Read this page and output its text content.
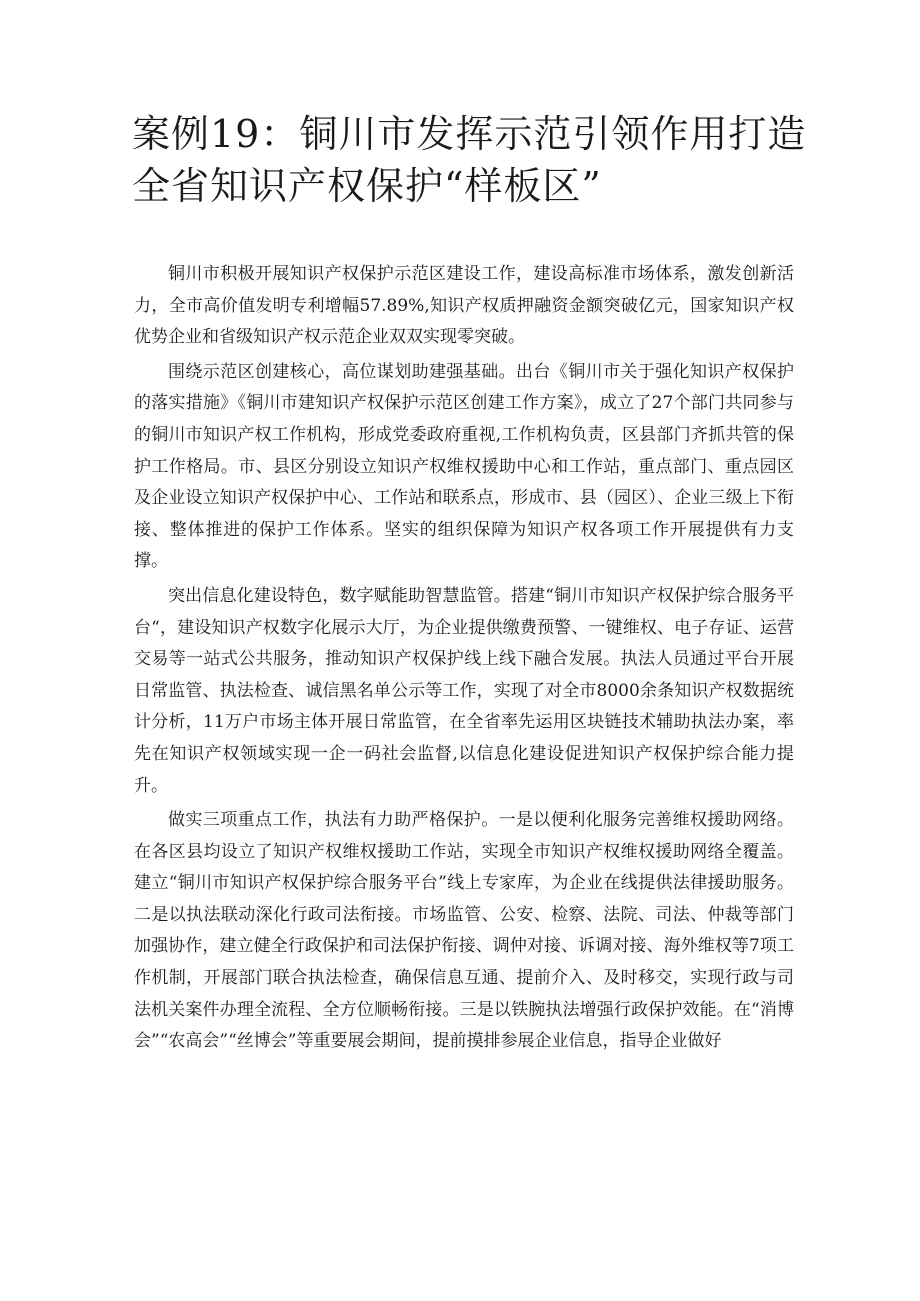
案例19：铜川市发挥示范引领作用打造
全省知识产权保护“样板区”

铜川市积极开展知识产权保护示范区建设工作，建设高标准市场体系，激发创新活力，全市高价值发明专利增幅57.89%,知识产权质押融资金额突破亿元，国家知识产权优势企业和省级知识产权示范企业双双实现零突破。

围绕示范区创建核心，高位谋划助建强基础。出台《铜川市关于强化知识产权保护的落实措施》《铜川市建知识产权保护示范区创建工作方案》，成立了27个部门共同参与的铜川市知识产权工作机构，形成党委政府重视,工作机构负责，区县部门齐抓共管的保护工作格局。市、县区分别设立知识产权维权援助中心和工作站，重点部门、重点园区及企业设立知识产权保护中心、工作站和联系点，形成市、县（园区）、企业三级上下衔接、整体推进的保护工作体系。坚实的组织保障为知识产权各项工作开展提供有力支撑。

突出信息化建设特色，数字赋能助智慧监管。搭建“铜川市知识产权保护综合服务平台“，建设知识产权数字化展示大厅，为企业提供缴费预警、一键维权、电子存证、运营交易等一站式公共服务，推动知识产权保护线上线下融合发展。执法人员通过平台开展日常监管、执法检查、诚信黑名单公示等工作，实现了对全市8000余条知识产权数据统计分析，11万户市场主体开展日常监管，在全省率先运用区块链技术辅助执法办案，率先在知识产权领域实现一企一码社会监督,以信息化建设促进知识产权保护综合能力提升。

做实三项重点工作，执法有力助严格保护。一是以便利化服务完善维权援助网络。在各区县均设立了知识产权维权援助工作站，实现全市知识产权维权援助网络全覆盖。建立“铜川市知识产权保护综合服务平台”线上专家库，为企业在线提供法律援助服务。二是以执法联动深化行政司法衔接。市场监管、公安、检察、法院、司法、仲裁等部门加强协作，建立健全行政保护和司法保护衔接、调仲对接、诉调对接、海外维权等7项工作机制，开展部门联合执法检查，确保信息互通、提前介入、及时移交，实现行政与司法机关案件办理全流程、全方位顺畅衔接。三是以铁腕执法增强行政保护效能。在“消博会”“农高会”“丝博会”等重要展会期间，提前摸排参展企业信息，指导企业做好
